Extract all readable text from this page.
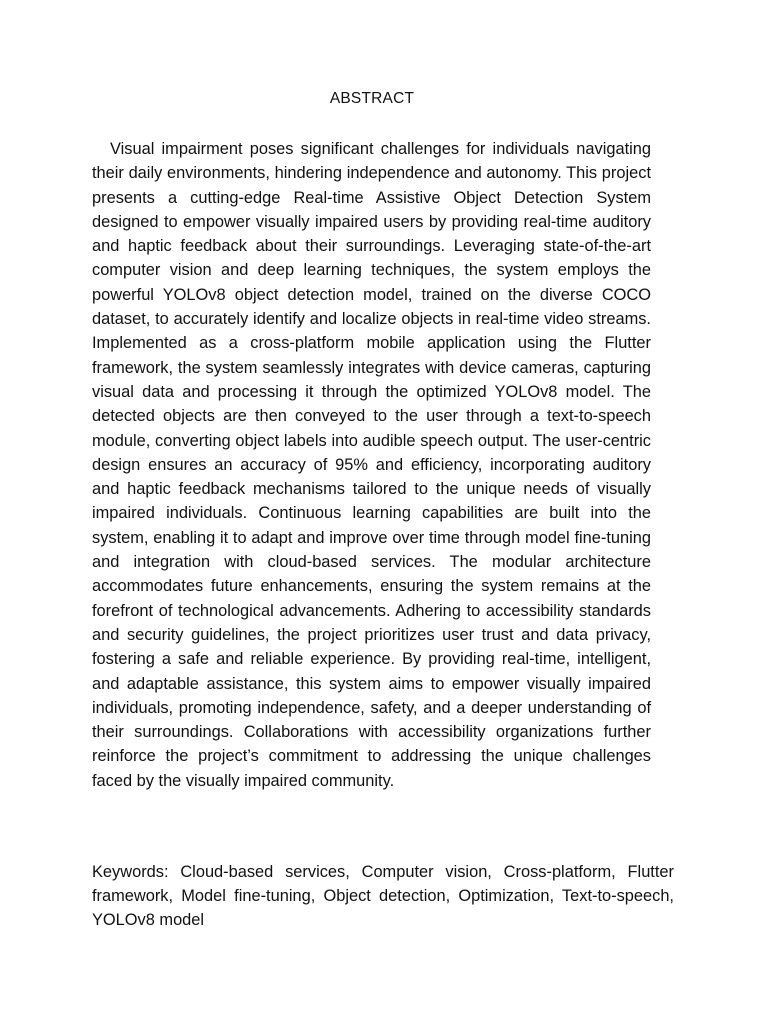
ABSTRACT

Visual impairment poses significant challenges for individuals navigating their daily environments, hindering independence and autonomy. This project presents a cutting-edge Real-time Assistive Object Detection System designed to empower visually impaired users by providing real-time auditory and haptic feedback about their surroundings. Leveraging state-of-the-art computer vision and deep learning techniques, the system employs the powerful YOLOv8 object detection model, trained on the diverse COCO dataset, to accurately identify and localize objects in real-time video streams. Implemented as a cross-platform mobile application using the Flutter framework, the system seamlessly integrates with device cameras, capturing visual data and processing it through the optimized YOLOv8 model. The detected objects are then conveyed to the user through a text-to-speech module, converting object labels into audible speech output. The user-centric design ensures an accuracy of 95% and efficiency, incorporating auditory and haptic feedback mechanisms tailored to the unique needs of visually impaired individuals. Continuous learning capabilities are built into the system, enabling it to adapt and improve over time through model fine-tuning and integration with cloud-based services. The modular architecture accommodates future enhancements, ensuring the system remains at the forefront of technological advancements. Adhering to accessibility standards and security guidelines, the project prioritizes user trust and data privacy, fostering a safe and reliable experience. By providing real-time, intelligent, and adaptable assistance, this system aims to empower visually impaired individuals, promoting independence, safety, and a deeper understanding of their surroundings. Collaborations with accessibility organizations further reinforce the project’s commitment to addressing the unique challenges faced by the visually impaired community.

Keywords: Cloud-based services, Computer vision, Cross-platform, Flutter framework, Model fine-tuning, Object detection, Optimization, Text-to-speech, YOLOv8 model
